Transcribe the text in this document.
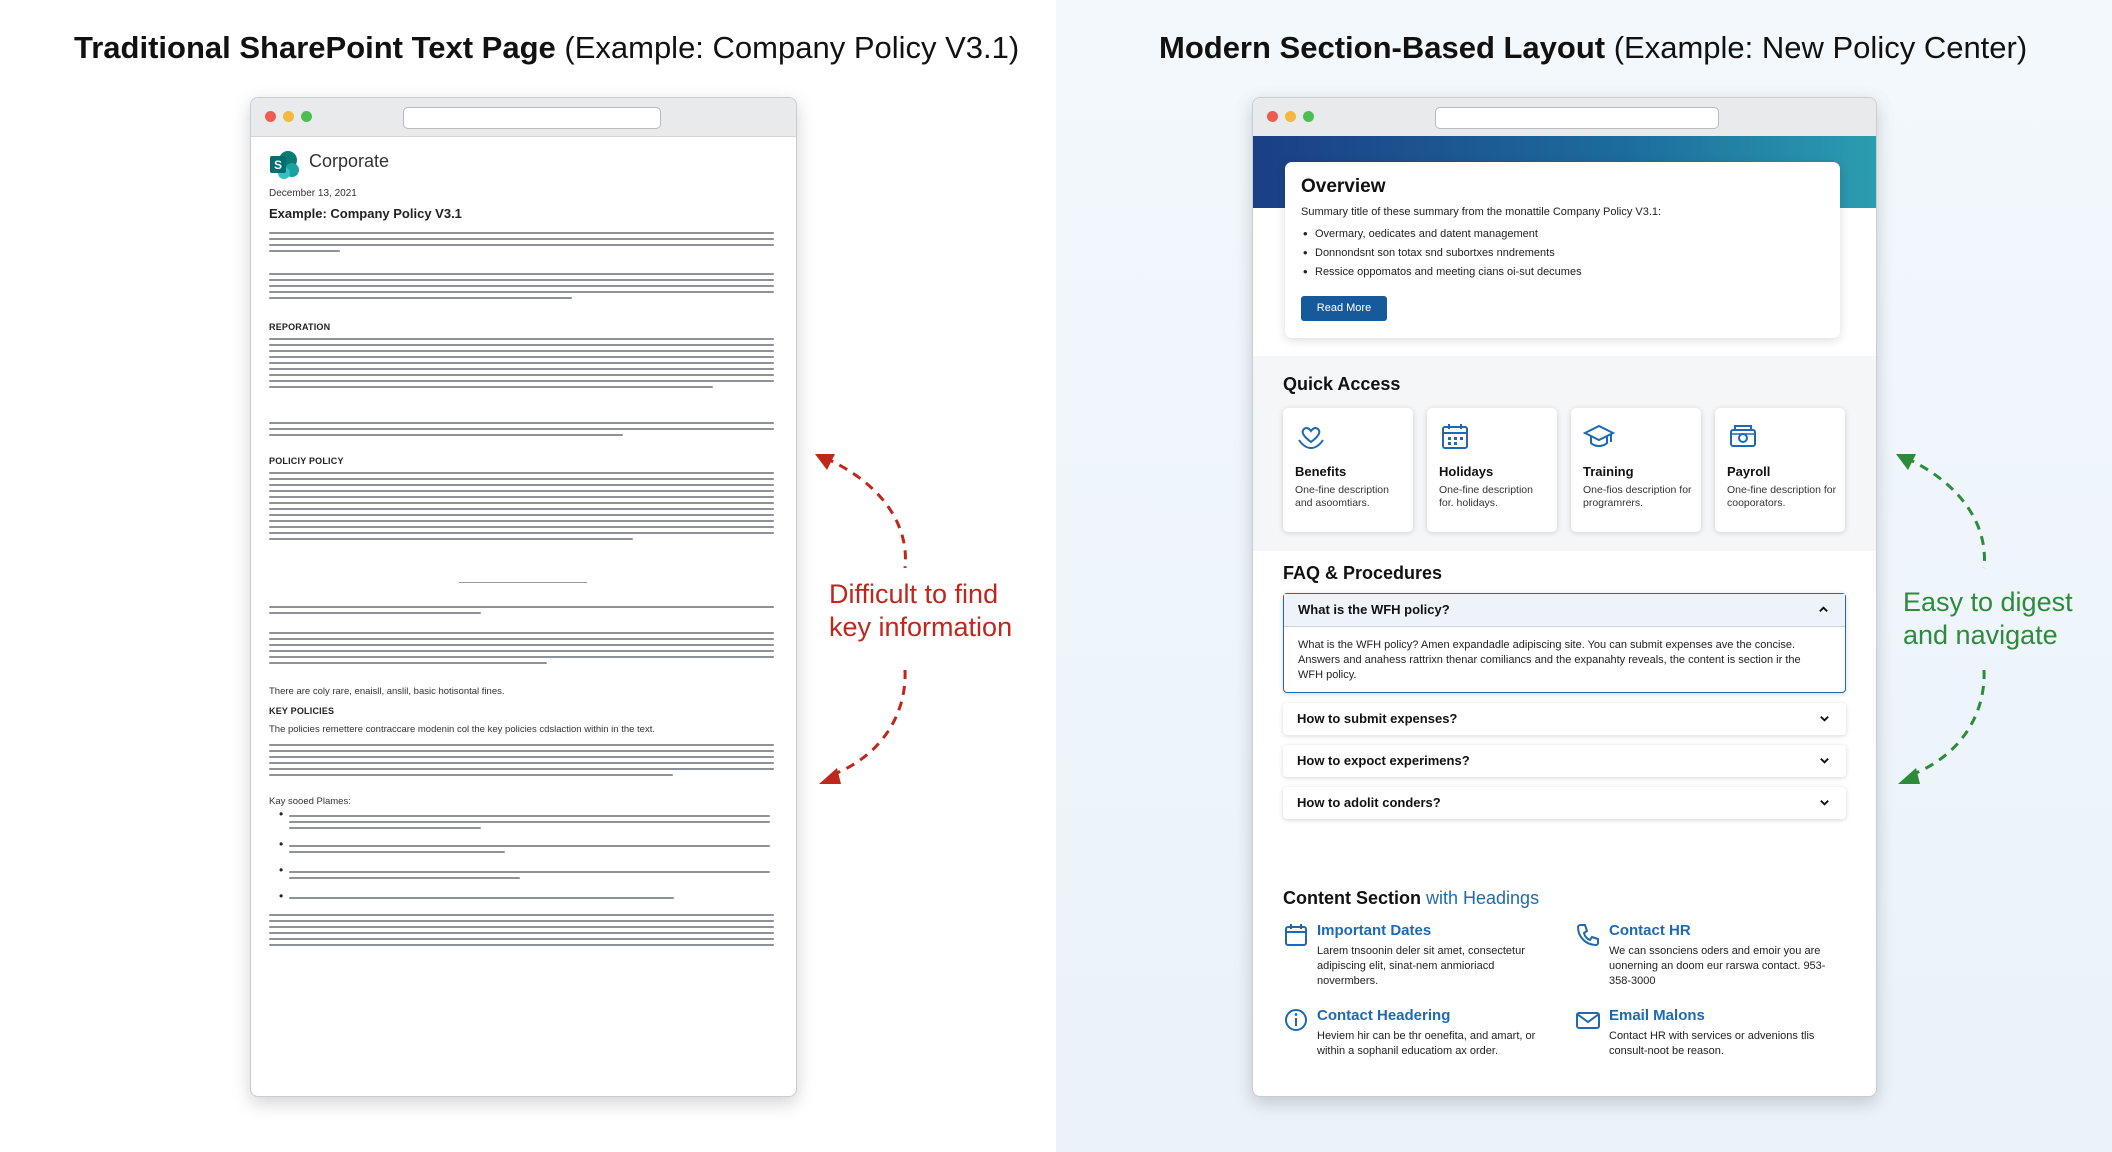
Traditional SharePoint Text Page (Example: Company Policy V3.1)
S Corporate
December 13, 2021
Example: Company Policy V3.1
REPORATION
POLICIY POLICY
There are coly rare, enaisll, anslil, basic hotisontal fines.
KEY POLICIES
The policies remettere contraccare modenin col the key policies cdslaction within in the text.
Kay sooed Plames:
•
•
•
•
Difficult to find
key information
Modern Section-Based Layout (Example: New Policy Center)
Overview
Summary title of these summary from the monattile Company Policy V3.1:
• Overmary, oedicates and datent management
• Donnondsnt son totax snd subortxes nndrements
• Ressice oppomatos and meeting cians oi-sut decumes
Read More
Quick Access
Benefits
One-fine description and asoomtiars.
Holidays
One-fine description for. holidays.
Training
One-fios description for programrers.
Payroll
One-fine description for cooporators.
FAQ & Procedures
What is the WFH policy?
What is the WFH policy? Amen expandadle adipiscing site. You can submit expenses ave the concise. Answers and anahess rattrixn thenar comiliancs and the expanahty reveals, the content is section ir the WFH policy.
How to submit expenses?
How to expoct experimens?
How to adolit conders?
Content Section with Headings
Important Dates
Larem tnsoonin deler sit amet, consectetur adipiscing elit, sinat-nem anmioriacd novermbers.
Contact HR
We can ssonciens oders and emoir you are uonerning an doom eur rarswa contact. 953-358-3000
Contact Headering
Heviem hir can be thr oenefita, and amart, or within a sophanil educatiom ax order.
Email Malons
Contact HR with services or advenions tlis consult-noot be reason.
Easy to digest
and navigate
